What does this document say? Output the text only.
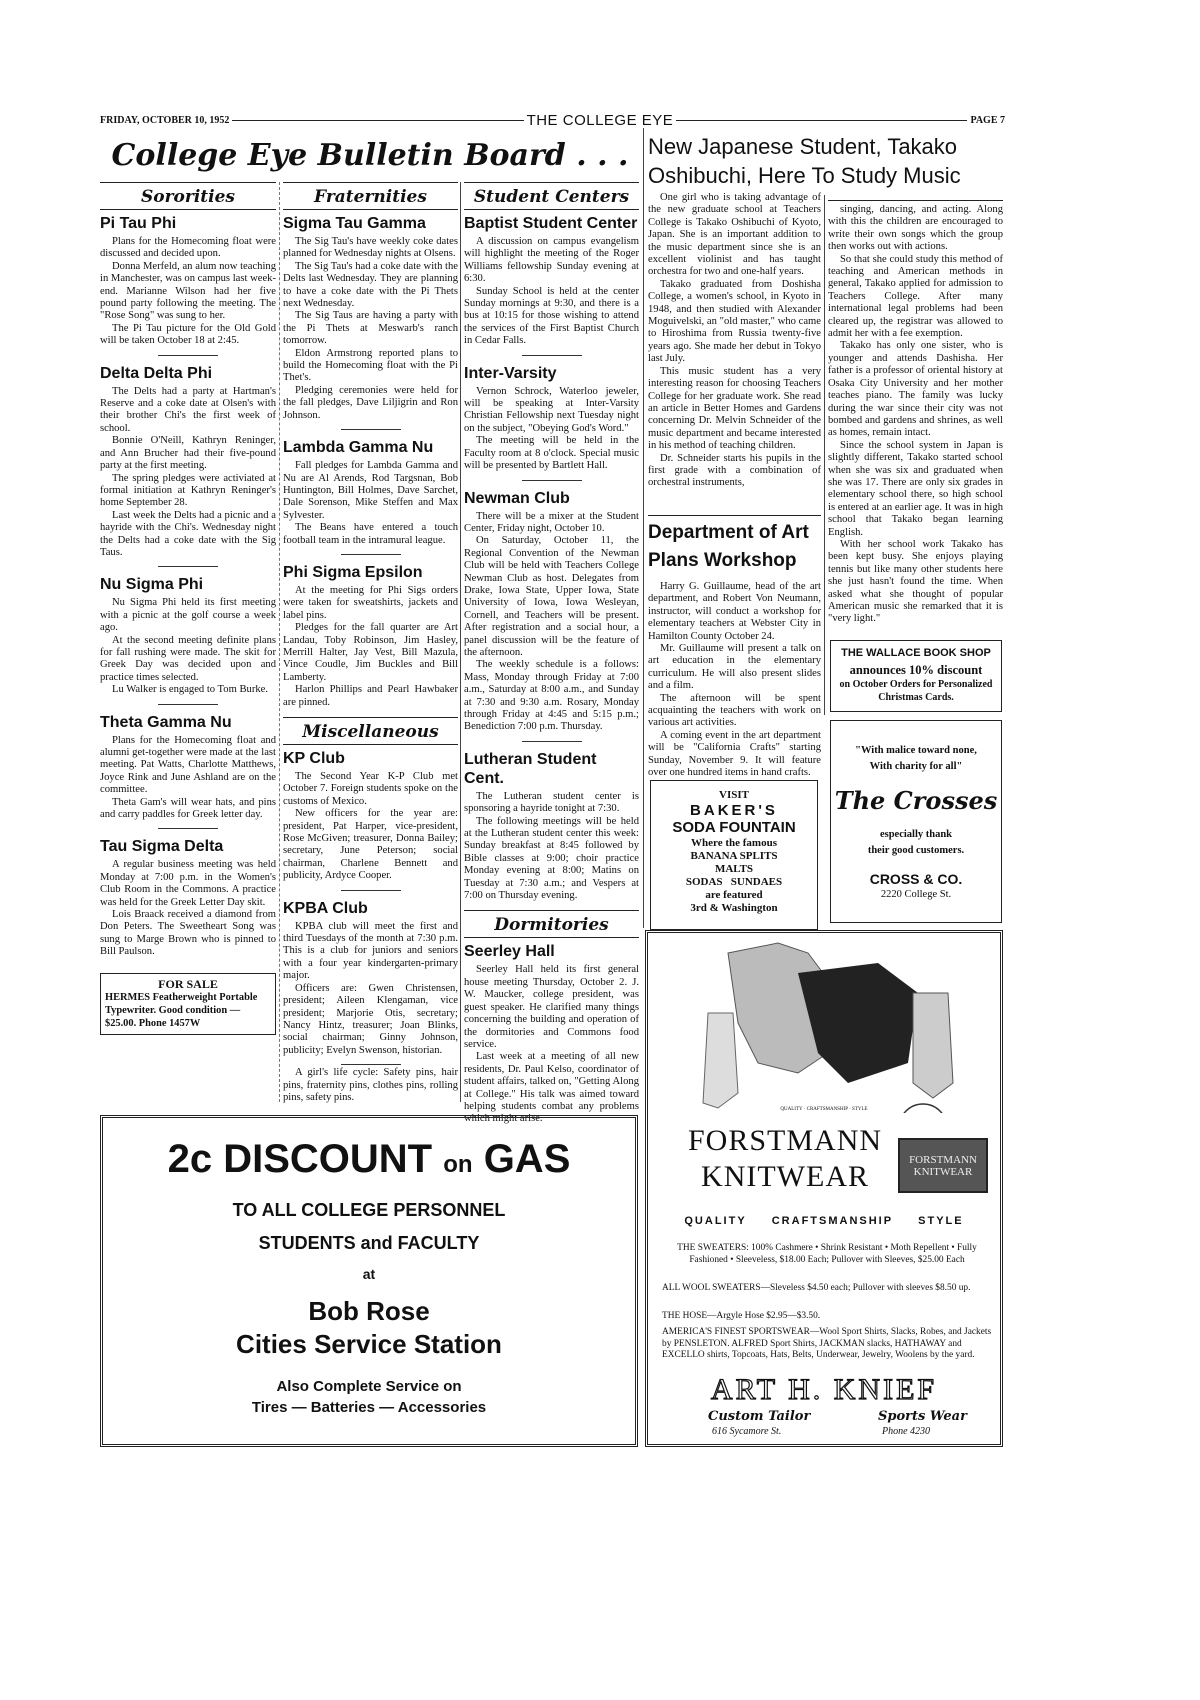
FRIDAY, OCTOBER 10, 1952	THE COLLEGE EYE	PAGE 7
College Eye Bulletin Board . . .
Sororities
Pi Tau Phi

Plans for the Homecoming float were discussed and decided upon.

Donna Merfeld, an alum now teaching in Manchester, was on campus last week-end. Marianne Wilson had her five pound party following the meeting. The "Rose Song" was sung to her.

The Pi Tau picture for the Old Gold will be taken October 18 at 2:45.

Delta Delta Phi

The Delts had a party at Hartman's Reserve and a coke date at Olsen's with their brother Chi's the first week of school.

Bonnie O'Neill, Kathryn Reninger, and Ann Brucher had their five-pound party at the first meeting.

The spring pledges were activiated at formal initiation at Kathryn Reninger's home September 28.

Last week the Delts had a picnic and a hayride with the Chi's. Wednesday night the Delts had a coke date with the Sig Taus.

Nu Sigma Phi

Nu Sigma Phi held its first meeting with a picnic at the golf course a week ago.

At the second meeting definite plans for fall rushing were made. The skit for Greek Day was decided upon and practice times selected.

Lu Walker is engaged to Tom Burke.

Theta Gamma Nu

Plans for the Homecoming float and alumni get-together were made at the last meeting. Pat Watts, Charlotte Matthews, Joyce Rink and June Ashland are on the committee.

Theta Gam's will wear hats, and pins and carry paddles for Greek letter day.

Tau Sigma Delta

A regular business meeting was held Monday at 7:00 p.m. in the Women's Club Room in the Commons. A practice was held for the Greek Letter Day skit.

Lois Braack received a diamond from Don Peters. The Sweetheart Song was sung to Marge Brown who is pinned to Bill Paulson.

FOR SALE
HERMES Featherweight Portable Typewriter. Good condition —$25.00. Phone 1457W
Fraternities
Sigma Tau Gamma

The Sig Tau's have weekly coke dates planned for Wednesday nights at Olsens.

The Sig Tau's had a coke date with the Delts last Wednesday. They are planning to have a coke date with the Pi Thets next Wednesday.

The Sig Taus are having a party with the Pi Thets at Meswarb's ranch tomorrow.

Eldon Armstrong reported plans to build the Homecoming float with the Pi Thet's.

Pledging ceremonies were held for the fall pledges, Dave Liljigrin and Ron Johnson.

Lambda Gamma Nu

Fall pledges for Lambda Gamma and Nu are Al Arends, Rod Targsnan, Bob Huntington, Bill Holmes, Dave Sarchet, Dale Sorenson, Mike Steffen and Max Sylvester.

The Beans have entered a touch football team in the intramural league.

Phi Sigma Epsilon

At the meeting for Phi Sigs orders were taken for sweatshirts, jackets and label pins.

Pledges for the fall quarter are Art Landau, Toby Robinson, Jim Hasley, Merrill Halter, Jay Vest, Bill Mazula, Vince Coudle, Jim Buckles and Bill Lamberty.

Harlon Phillips and Pearl Hawbaker are pinned.

Miscellaneous
KP Club

The Second Year K-P Club met October 7. Foreign students spoke on the customs of Mexico.

New officers for the year are: president, Pat Harper, vice-president, Rose McGiven; treasurer, Donna Bailey; secretary, June Peterson; social chairman, Charlene Bennett and publicity, Ardyce Cooper.

KPBA Club

KPBA club will meet the first and third Tuesdays of the month at 7:30 p.m. This is a club for juniors and seniors with a four year kindergarten-primary major.

Officers are: Gwen Christensen, president; Aileen Klengaman, vice president; Marjorie Otis, secretary; Nancy Hintz, treasurer; Joan Blinks, social chairman; Ginny Johnson, publicity; Evelyn Swenson, historian.

A girl's life cycle: Safety pins, hair pins, fraternity pins, clothes pins, rolling pins, safety pins.

Student Centers
Baptist Student Center

A discussion on campus evangelism will highlight the meeting of the Roger Williams fellowship Sunday evening at 6:30.

Sunday School is held at the center Sunday mornings at 9:30, and there is a bus at 10:15 for those wishing to attend the services of the First Baptist Church in Cedar Falls.

Inter-Varsity

Vernon Schrock, Waterloo jeweler, will be speaking at Inter-Varsity Christian Fellowship next Tuesday night on the subject, "Obeying God's Word."

The meeting will be held in the Faculty room at 8 o'clock. Special music will be presented by Bartlett Hall.

Newman Club

There will be a mixer at the Student Center, Friday night, October 10.

On Saturday, October 11, the Regional Convention of the Newman Club will be held with Teachers College Newman Club as host. Delegates from Drake, Iowa State, Upper Iowa, State University of Iowa, Iowa Wesleyan, Cornell, and Teachers will be present. After registration and a social hour, a panel discussion will be the feature of the afternoon.

The weekly schedule is a follows: Mass, Monday through Friday at 7:00 a.m., Saturday at 8:00 a.m., and Sunday at 7:30 and 9:30 a.m. Rosary, Monday through Friday at 4:45 and 5:15 p.m.; Benediction 7:00 p.m. Thursday.

Lutheran Student Cent.

The Lutheran student center is sponsoring a hayride tonight at 7:30.

The following meetings will be held at the Lutheran student center this week: Sunday breakfast at 8:45 followed by Bible classes at 9:00; choir practice Monday evening at 8:00; Matins on Tuesday at 7:30 a.m.; and Vespers at 7:00 on Thursday evening.

Dormitories
Seerley Hall

Seerley Hall held its first general house meeting Thursday, October 2. J. W. Maucker, college president, was guest speaker. He clarified many things concerning the building and operation of the dormitories and Commons food service.

Last week at a meeting of all new residents, Dr. Paul Kelso, coordinator of student affairs, talked on, "Getting Along at College." His talk was aimed toward helping students combat any problems which might arise.

New Japanese Student, Takako Oshibuchi, Here To Study Music

One girl who is taking advantage of the new graduate school at Teachers College is Takako Oshibuchi of Kyoto, Japan. She is an important addition to the music department since she is an excellent violinist and has taught orchestra for two and one-half years.

Takako graduated from Doshisha College, a women's school, in Kyoto in 1948, and then studied with Alexander Moguivelski, an "old master," who came to Hiroshima from Russia twenty-five years ago. She made her debut in Tokyo last July.

This music student has a very interesting reason for choosing Teachers College for her graduate work. She read an article in Better Homes and Gardens concerning Dr. Melvin Schneider of the music department and became interested in his method of teaching children.

Dr. Schneider starts his pupils in the first grade with a combination of orchestral instruments,

singing, dancing, and acting. Along with this the children are encouraged to write their own songs which the group then works out with actions.

So that she could study this method of teaching and American methods in general, Takako applied for admission to Teachers College. After many international legal problems had been cleared up, the registrar was allowed to admit her with a fee exemption.

Takako has only one sister, who is younger and attends Dashisha. Her father is a professor of oriental history at Osaka City University and her mother teaches piano. The family was lucky during the war since their city was not bombed and gardens and shrines, as well as homes, remain intact.

Since the school system in Japan is slightly different, Takako started school when she was six and graduated when she was 17. There are only six grades in elementary school there, so high school is entered at an earlier age. It was in high school that Takako began learning English.

With her school work Takako has been kept busy. She enjoys playing tennis but like many other students here she just hasn't found the time. When asked what she thought of popular American music she remarked that it is "very light."

Department of Art Plans Workshop

Harry G. Guillaume, head of the art department, and Robert Von Neumann, instructor, will conduct a workshop for elementary teachers at Webster City in Hamilton County October 24.

Mr. Guillaume will present a talk on art education in the elementary curriculum. He will also present slides and a film.

The afternoon will be spent acquainting the teachers with work on various art activities.

A coming event in the art department will be "California Crafts" starting Sunday, November 9. It will feature over one hundred items in hand crafts.

VISIT
BAKER'S
SODA FOUNTAIN
Where the famous
BANANA SPLITS
MALTS
SODAS   SUNDAES
are featured
3rd & Washington
THE WALLACE BOOK SHOP
announces 10% discount
on October Orders for Personalized Christmas Cards.
"With malice toward none,
With charity for all"
The Crosses
especially thank
their good customers.
CROSS & CO.
2220 College St.
2c DISCOUNT on GAS
TO ALL COLLEGE PERSONNEL
STUDENTS and FACULTY
at
Bob Rose
Cities Service Station
Also Complete Service on
Tires — Batteries — Accessories
QUALITY · CRAFTSMANSHIP · STYLE
FORSTMANN
KNITWEAR	FORSTMANN KNITWEAR
QUALITY     CRAFTSMANSHIP     STYLE
THE SWEATERS: 100% Cashmere • Shrink Resistant • Moth Repellent • Fully Fashioned • Sleeveless, $18.00 Each; Pullover with Sleeves, $25.00 Each
ALL WOOL SWEATERS—Sleveless $4.50 each; Pullover with sleeves $8.50 up.
THE HOSE—Argyle Hose $2.95—$3.50.
AMERICA'S FINEST SPORTSWEAR—Wool Sport Shirts, Slacks, Robes, and Jackets by PENSLETON. ALFRED Sport Shirts, JACKMAN slacks, HATHAWAY and EXCELLO shirts, Topcoats, Hats, Belts, Underwear, Jewelry, Woolens by the yard.
ART H. KNIEF
Custom Tailor	Sports Wear
616 Sycamore St.	Phone 4230
